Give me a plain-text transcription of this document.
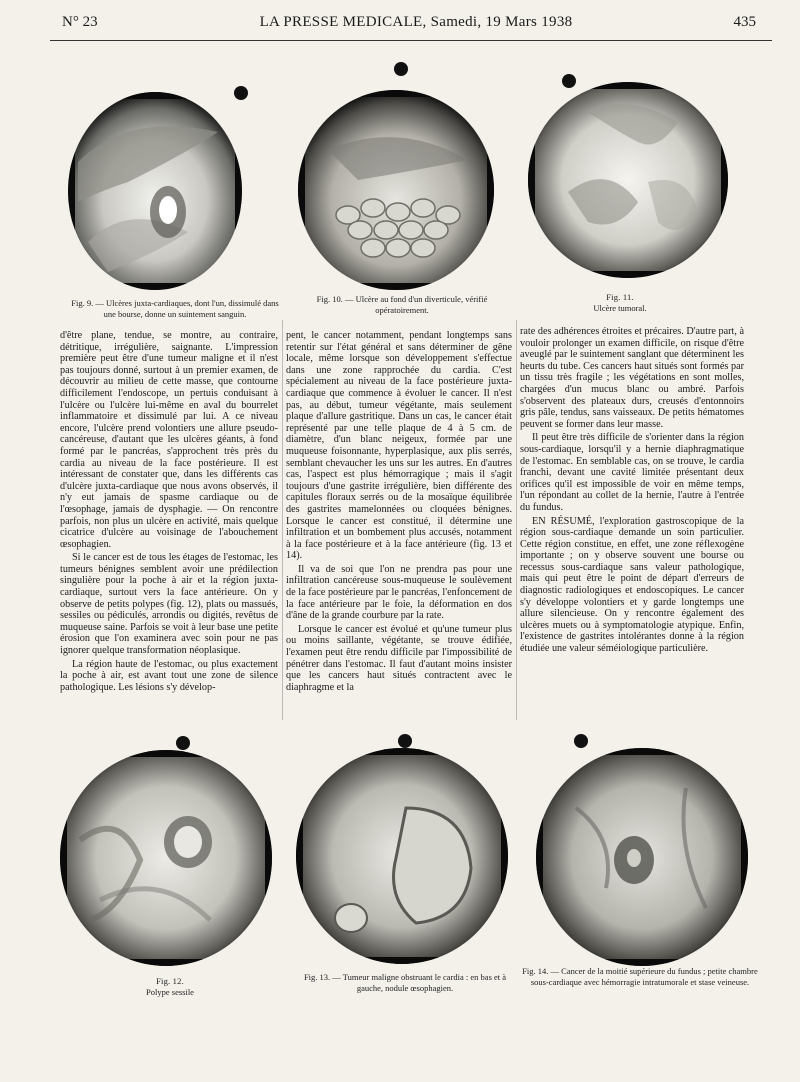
N° 23	LA PRESSE MEDICALE, Samedi, 19 Mars 1938	435
Fig. 9. — Ulcères juxta-cardiaques, dont l'un, dissimulé dans une bourse, donne un suintement sanguin.
Fig. 10. — Ulcère au fond d'un diverticule, vérifié opératoirement.
Fig. 11.
Ulcère tumoral.

d'être plane, tendue, se montre, au contraire, détritique, irrégulière, saignante. L'impression première peut être d'une tumeur maligne et il n'est pas toujours donné, surtout à un premier examen, de découvrir au milieu de cette masse, que contourne difficilement l'endoscope, un pertuis conduisant à l'ulcère ou l'ulcère lui-même en aval du bourrelet inflammatoire et dissimulé par lui. A ce niveau encore, l'ulcère prend volontiers une allure pseudo-cancéreuse, d'autant que les ulcères géants, à fond formé par le pancréas, s'approchent très près du cardia au niveau de la face postérieure. Il est intéressant de constater que, dans les différents cas d'ulcère juxta-cardiaque que nous avons observés, il n'y eut jamais de spasme cardiaque ou de l'œsophage, jamais de dysphagie. — On rencontre parfois, non plus un ulcère en activité, mais quelque cicatrice d'ulcère au voisinage de l'abouchement œsophagien.

Si le cancer est de tous les étages de l'estomac, les tumeurs bénignes semblent avoir une prédilection singulière pour la poche à air et la région juxta-cardiaque, surtout vers la face antérieure. On y observe de petits polypes (fig. 12), plats ou massués, sessiles ou pédiculés, arrondis ou digités, revêtus de muqueuse saine. Parfois se voit à leur base une petite érosion que l'on examinera avec soin pour ne pas ignorer quelque transformation néoplasique.

La région haute de l'estomac, ou plus exactement la poche à air, est avant tout une zone de silence pathologique. Les lésions s'y dévelop-

pent, le cancer notamment, pendant longtemps sans retentir sur l'état général et sans déterminer de gêne locale, même lorsque son développement s'effectue dans une zone rapprochée du cardia. C'est spécialement au niveau de la face postérieure juxta-cardiaque que commence à évoluer le cancer. Il n'est pas, au début, tumeur végétante, mais seulement plaque d'allure gastritique. Dans un cas, le cancer était représenté par une telle plaque de 4 à 5 cm. de diamètre, d'un blanc neigeux, formée par une muqueuse foisonnante, hyperplasique, aux plis serrés, semblant chevaucher les uns sur les autres. En d'autres cas, l'aspect est plus hémorragique ; mais il s'agit toujours d'une gastrite irrégulière, bien différente des capitules floraux serrés ou de la mosaïque équilibrée des gastrites mamelonnées ou cloquées bénignes. Lorsque le cancer est constitué, il détermine une infiltration et un bombement plus accusés, notamment à la face postérieure et à la face antérieure (fig. 13 et 14).

Il va de soi que l'on ne prendra pas pour une infiltration cancéreuse sous-muqueuse le soulèvement de la face postérieure par le pancréas, l'enfoncement de la face antérieure par le foie, la déformation en dos d'âne de la grande courbure par la rate.

Lorsque le cancer est évolué et qu'une tumeur plus ou moins saillante, végétante, se trouve édifiée, l'examen peut être rendu difficile par l'impossibilité de pénétrer dans l'estomac. Il faut d'autant moins insister que les cancers haut situés contractent avec le diaphragme et la

rate des adhérences étroites et précaires. D'autre part, à vouloir prolonger un examen difficile, on risque d'être aveuglé par le suintement sanglant que déterminent les heurts du tube. Ces cancers haut situés sont formés par un tissu très fragile ; les végétations en sont molles, chargées d'un mucus blanc ou ambré. Parfois s'observent des plateaux durs, creusés d'entonnoirs gris pâle, tendus, sans vaisseaux. De petits hématomes peuvent se former dans leur masse.

Il peut être très difficile de s'orienter dans la région sous-cardiaque, lorsqu'il y a hernie diaphragmatique de l'estomac. En semblable cas, on se trouve, le cardia franchi, devant une cavité limitée présentant deux orifices qu'il est impossible de voir en même temps, l'un répondant au collet de la hernie, l'autre à l'entrée du fundus.

EN RÉSUMÉ, l'exploration gastroscopique de la région sous-cardiaque demande un soin particulier. Cette région constitue, en effet, une zone réflexogène importante ; on y observe souvent une bourse ou recessus sous-cardiaque sans valeur pathologique, mais qui peut être le point de départ d'erreurs de diagnostic radiologiques et endoscopiques. Le cancer s'y développe volontiers et y garde longtemps une allure silencieuse. On y rencontre également des ulcères muets ou à symptomatologie atypique. Enfin, l'existence de gastrites intolérantes donne à la région étudiée une valeur séméiologique particulière.

Fig. 12.
Polype sessile
Fig. 13. — Tumeur maligne obstruant le cardia : en bas et à gauche, nodule œsophagien.
Fig. 14. — Cancer de la moitié supérieure du fundus ; petite chambre sous-cardiaque avec hémorragie intratumorale et stase veineuse.
